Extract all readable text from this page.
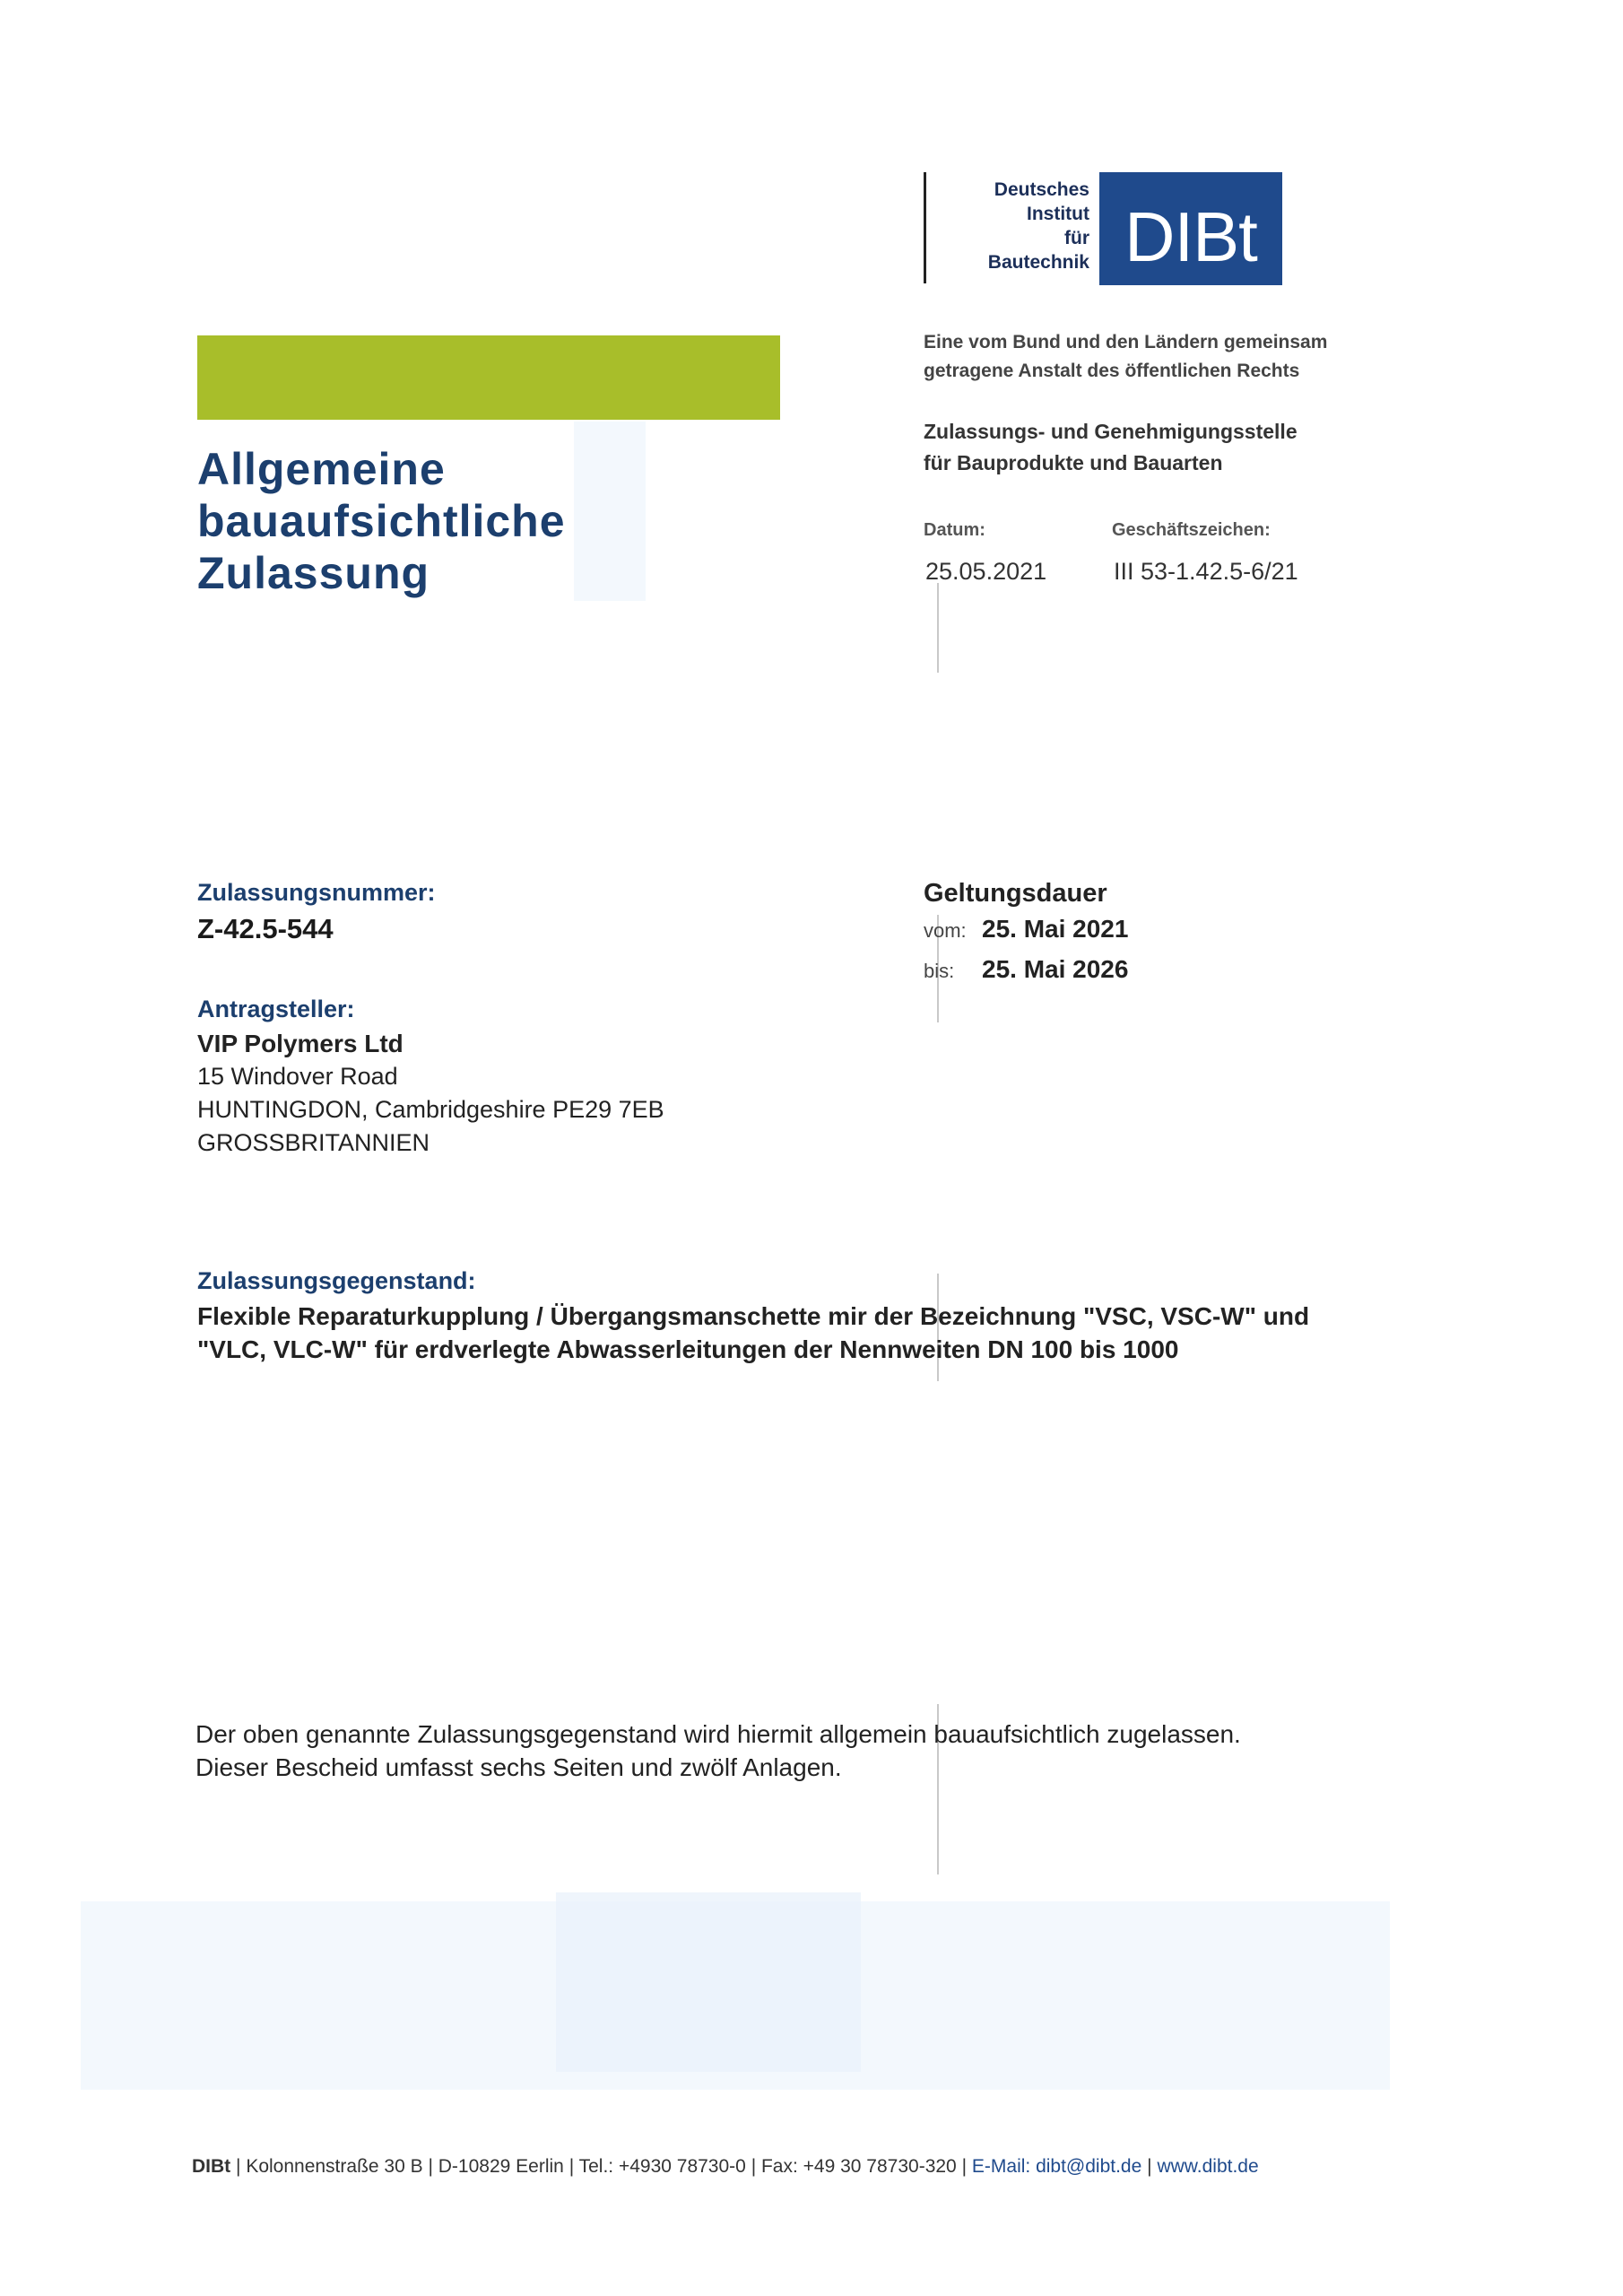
Deutsches
Institut
für
Bautechnik DIBt
Allgemeine
bauaufsichtliche
Zulassung
Eine vom Bund und den Ländern gemeinsam
getragene Anstalt des öffentlichen Rechts
Zulassungs- und Genehmigungsstelle
für Bauprodukte und Bauarten
Datum:	Geschäftszeichen:
25.05.2021	III 53-1.42.5-6/21
Zulassungsnummer:
Z-42.5-544
Geltungsdauer
vom: 25. Mai 2021
bis: 25. Mai 2026
Antragsteller:
VIP Polymers Ltd
15 Windover Road
HUNTINGDON, Cambridgeshire PE29 7EB
GROSSBRITANNIEN
Zulassungsgegenstand:
Flexible Reparaturkupplung / Übergangsmanschette mir der Bezeichnung "VSC, VSC-W" und
"VLC, VLC-W" für erdverlegte Abwasserleitungen der Nennweiten DN 100 bis 1000
Der oben genannte Zulassungsgegenstand wird hiermit allgemein bauaufsichtlich zugelassen.
Dieser Bescheid umfasst sechs Seiten und zwölf Anlagen.
DIBt | Kolonnenstraße 30 B | D-10829 Eerlin | Tel.: +4930 78730-0 | Fax: +49 30 78730-320 | E-Mail: dibt@dibt.de | www.dibt.de
